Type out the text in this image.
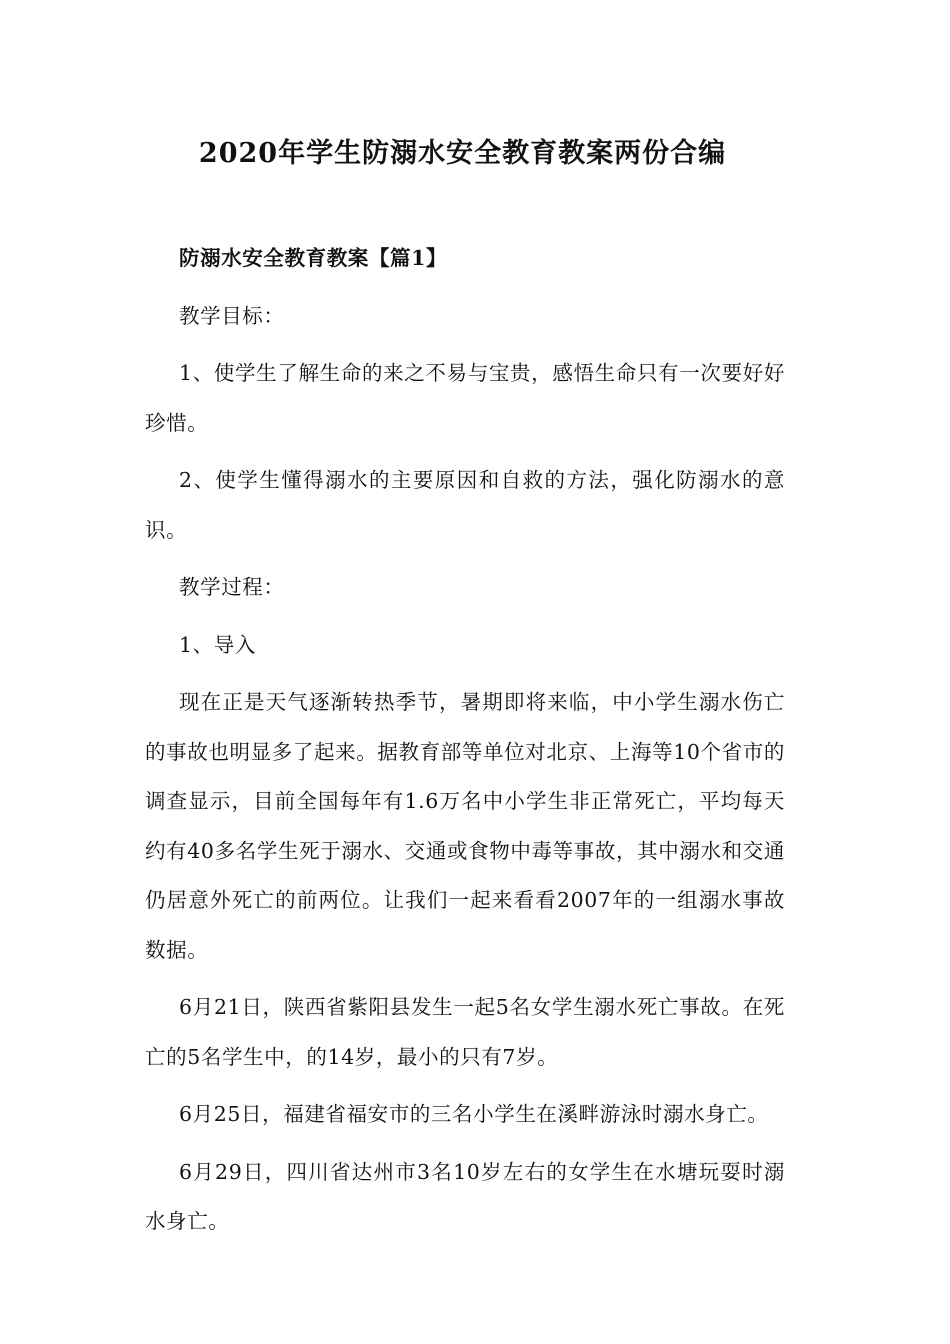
2020年学生防溺水安全教育教案两份合编

防溺水安全教育教案【篇1】

教学目标：

1、使学生了解生命的来之不易与宝贵，感悟生命只有一次要好好珍惜。

2、使学生懂得溺水的主要原因和自救的方法，强化防溺水的意识。

教学过程：

1、导入

现在正是天气逐渐转热季节，暑期即将来临，中小学生溺水伤亡的事故也明显多了起来。据教育部等单位对北京、上海等10个省市的调查显示，目前全国每年有1.6万名中小学生非正常死亡，平均每天约有40多名学生死于溺水、交通或食物中毒等事故，其中溺水和交通仍居意外死亡的前两位。让我们一起来看看2007年的一组溺水事故数据。

6月21日，陕西省紫阳县发生一起5名女学生溺水死亡事故。在死亡的5名学生中，的14岁，最小的只有7岁。

6月25日，福建省福安市的三名小学生在溪畔游泳时溺水身亡。

6月29日，四川省达州市3名10岁左右的女学生在水塘玩耍时溺水身亡。
